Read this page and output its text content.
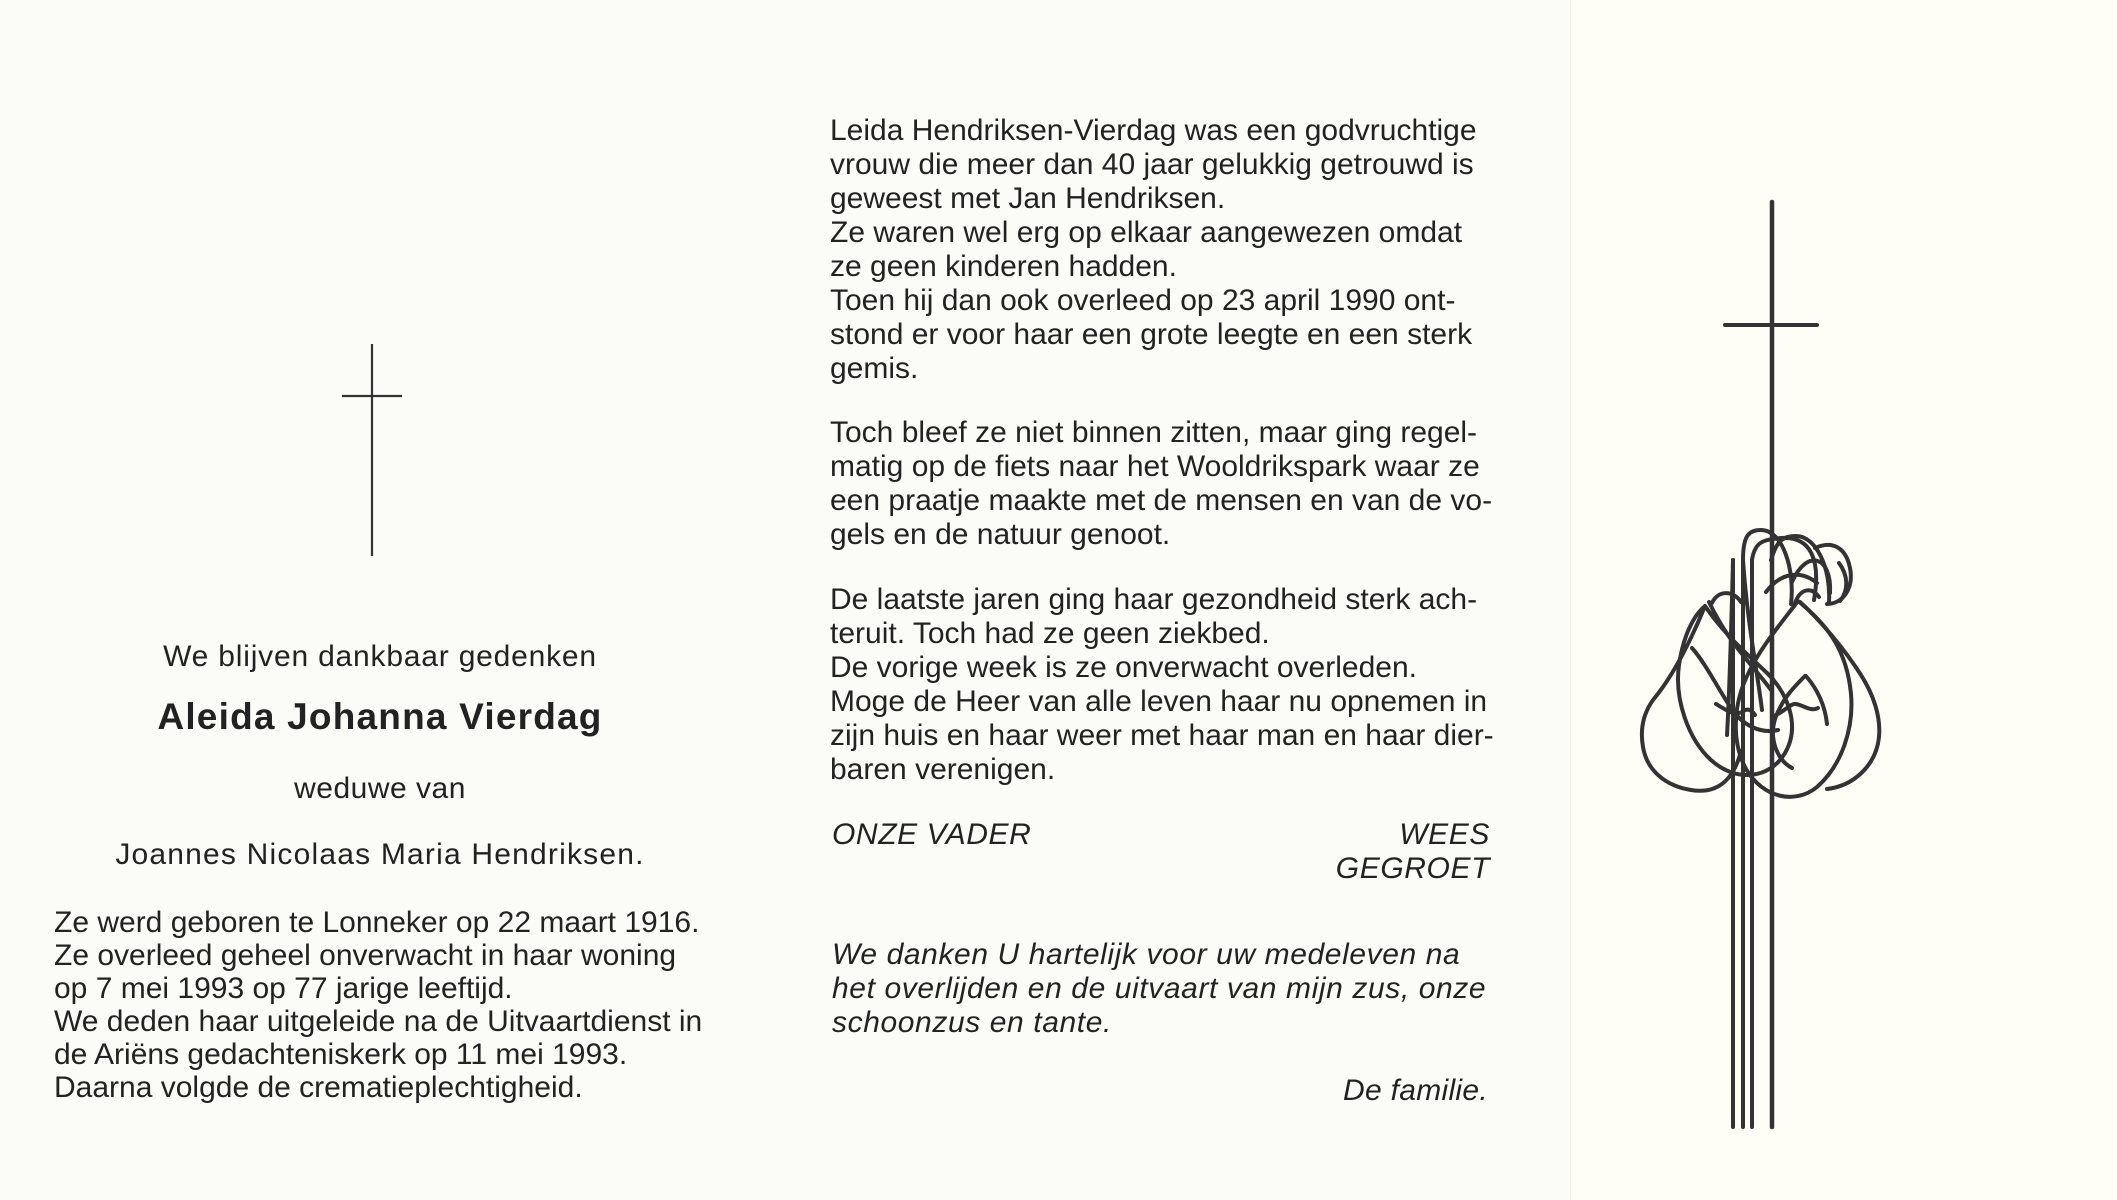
We blijven dankbaar gedenken
Aleida Johanna Vierdag
weduwe van
Joannes Nicolaas Maria Hendriksen.
Ze werd geboren te Lonneker op 22 maart 1916.
Ze overleed geheel onverwacht in haar woning
op 7 mei 1993 op 77 jarige leeftijd.
We deden haar uitgeleide na de Uitvaartdienst in
de Ariëns gedachteniskerk op 11 mei 1993.
Daarna volgde de crematieplechtigheid.
Leida Hendriksen-Vierdag was een godvruchtige
vrouw die meer dan 40 jaar gelukkig getrouwd is
geweest met Jan Hendriksen.
Ze waren wel erg op elkaar aangewezen omdat
ze geen kinderen hadden.
Toen hij dan ook overleed op 23 april 1990 ont-
stond er voor haar een grote leegte en een sterk
gemis.
Toch bleef ze niet binnen zitten, maar ging regel-
matig op de fiets naar het Wooldrikspark waar ze
een praatje maakte met de mensen en van de vo-
gels en de natuur genoot.
De laatste jaren ging haar gezondheid sterk ach-
teruit. Toch had ze geen ziekbed.
De vorige week is ze onverwacht overleden.
Moge de Heer van alle leven haar nu opnemen in
zijn huis en haar weer met haar man en haar dier-
baren verenigen.
ONZE VADER	WEES GEGROET
We danken U hartelijk voor uw medeleven na
het overlijden en de uitvaart van mijn zus, onze
schoonzus en tante.
De familie.
